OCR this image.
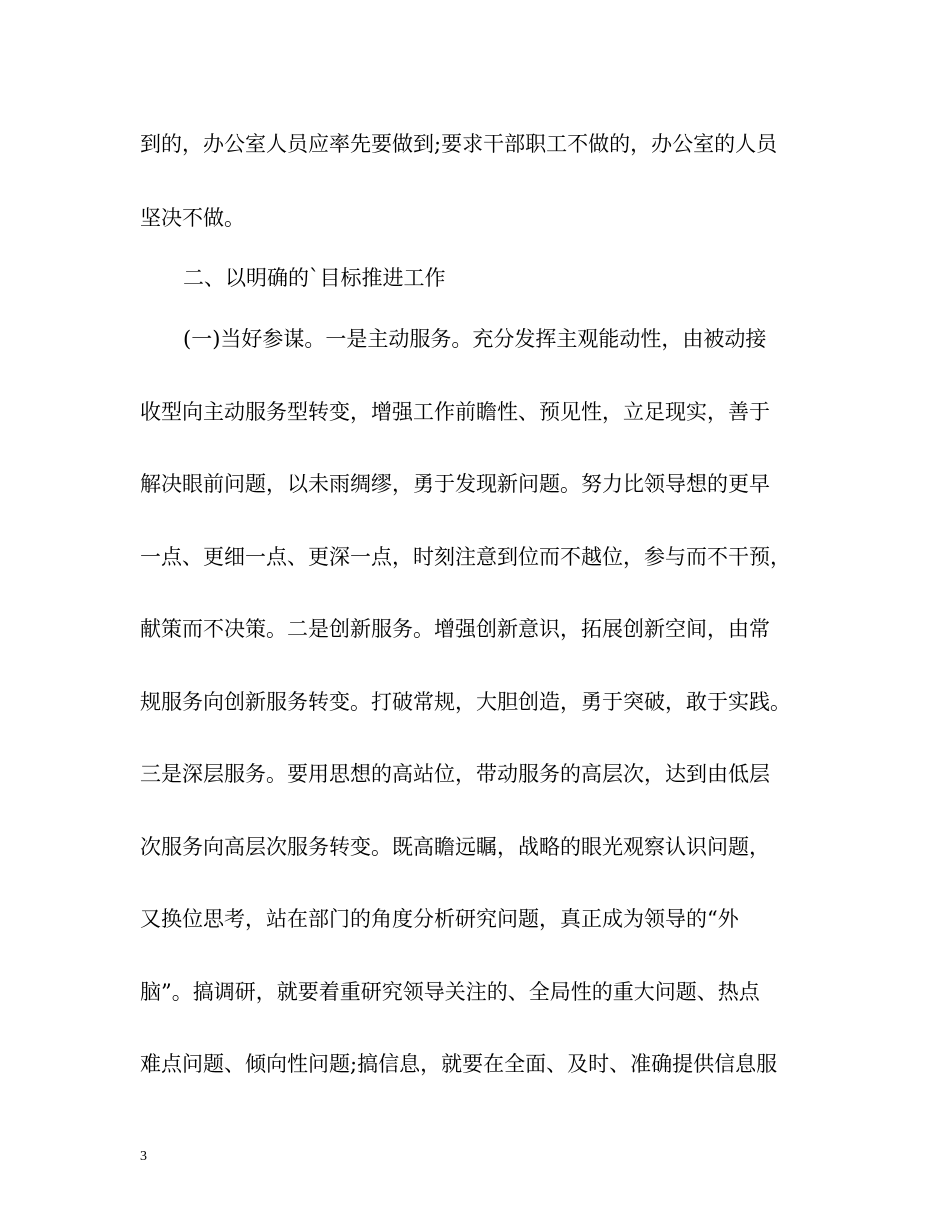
到的，办公室人员应率先要做到;要求干部职工不做的，办公室的人员
坚决不做。
二、以明确的`目标推进工作
(一)当好参谋。一是主动服务。充分发挥主观能动性，由被动接
收型向主动服务型转变，增强工作前瞻性、预见性，立足现实，善于
解决眼前问题，以未雨绸缪，勇于发现新问题。努力比领导想的更早
一点、更细一点、更深一点，时刻注意到位而不越位，参与而不干预，
献策而不决策。二是创新服务。增强创新意识，拓展创新空间，由常
规服务向创新服务转变。打破常规，大胆创造，勇于突破，敢于实践。
三是深层服务。要用思想的高站位，带动服务的高层次，达到由低层
次服务向高层次服务转变。既高瞻远瞩，战略的眼光观察认识问题，
又换位思考，站在部门的角度分析研究问题，真正成为领导的“外
脑”。搞调研，就要着重研究领导关注的、全局性的重大问题、热点
难点问题、倾向性问题;搞信息，就要在全面、及时、准确提供信息服
3
